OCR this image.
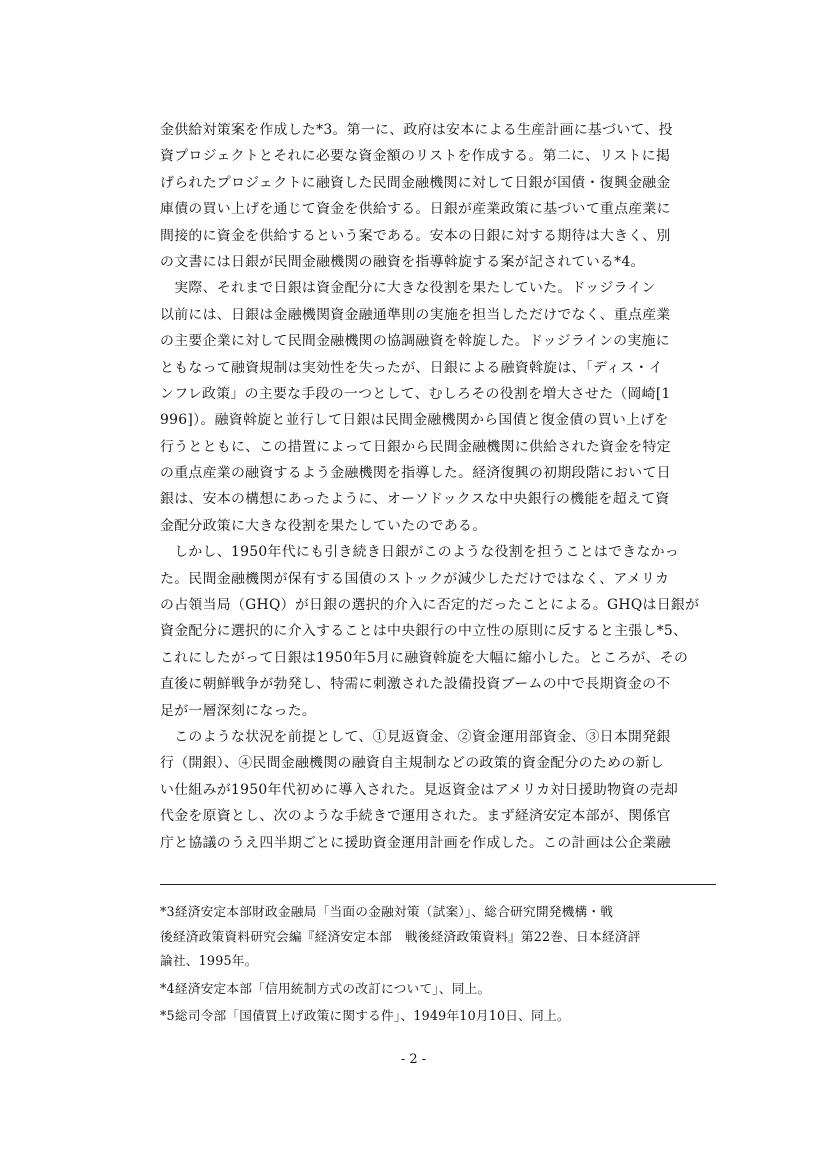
金供給対策案を作成した*3。第一に、政府は安本による生産計画に基づいて、投
資プロジェクトとそれに必要な資金額のリストを作成する。第二に、リストに掲
げられたプロジェクトに融資した民間金融機関に対して日銀が国債・復興金融金
庫債の買い上げを通じて資金を供給する。日銀が産業政策に基づいて重点産業に
間接的に資金を供給するという案である。安本の日銀に対する期待は大きく、別
の文書には日銀が民間金融機関の融資を指導斡旋する案が記されている*4。
　実際、それまで日銀は資金配分に大きな役割を果たしていた。ドッジライン
以前には、日銀は金融機関資金融通準則の実施を担当しただけでなく、重点産業
の主要企業に対して民間金融機関の協調融資を斡旋した。ドッジラインの実施に
ともなって融資規制は実効性を失ったが、日銀による融資斡旋は、「ディス・イ
ンフレ政策」の主要な手段の一つとして、むしろその役割を増大させた（岡崎[1
996]）。融資斡旋と並行して日銀は民間金融機関から国債と復金債の買い上げを
行うとともに、この措置によって日銀から民間金融機関に供給された資金を特定
の重点産業の融資するよう金融機関を指導した。経済復興の初期段階において日
銀は、安本の構想にあったように、オーソドックスな中央銀行の機能を超えて資
金配分政策に大きな役割を果たしていたのである。
　しかし、1950年代にも引き続き日銀がこのような役割を担うことはできなかっ
た。民間金融機関が保有する国債のストックが減少しただけではなく、アメリカ
の占領当局（GHQ）が日銀の選択的介入に否定的だったことによる。GHQは日銀が
資金配分に選択的に介入することは中央銀行の中立性の原則に反すると主張し*5、
これにしたがって日銀は1950年5月に融資斡旋を大幅に縮小した。ところが、その
直後に朝鮮戦争が勃発し、特需に刺激された設備投資ブームの中で長期資金の不
足が一層深刻になった。
　このような状況を前提として、①見返資金、②資金運用部資金、③日本開発銀
行（開銀）、④民間金融機関の融資自主規制などの政策的資金配分のための新し
い仕組みが1950年代初めに導入された。見返資金はアメリカ対日援助物資の売却
代金を原資とし、次のような手続きで運用された。まず経済安定本部が、関係官
庁と協議のうえ四半期ごとに援助資金運用計画を作成した。この計画は公企業融
*3経済安定本部財政金融局「当面の金融対策（試案）」、総合研究開発機構・戦
後経済政策資料研究会編『経済安定本部　戦後経済政策資料』第22巻、日本経済評
論社、1995年。
*4経済安定本部「信用統制方式の改訂について」、同上。
*5総司令部「国債買上げ政策に関する件」、1949年10月10日、同上。
- 2 -
